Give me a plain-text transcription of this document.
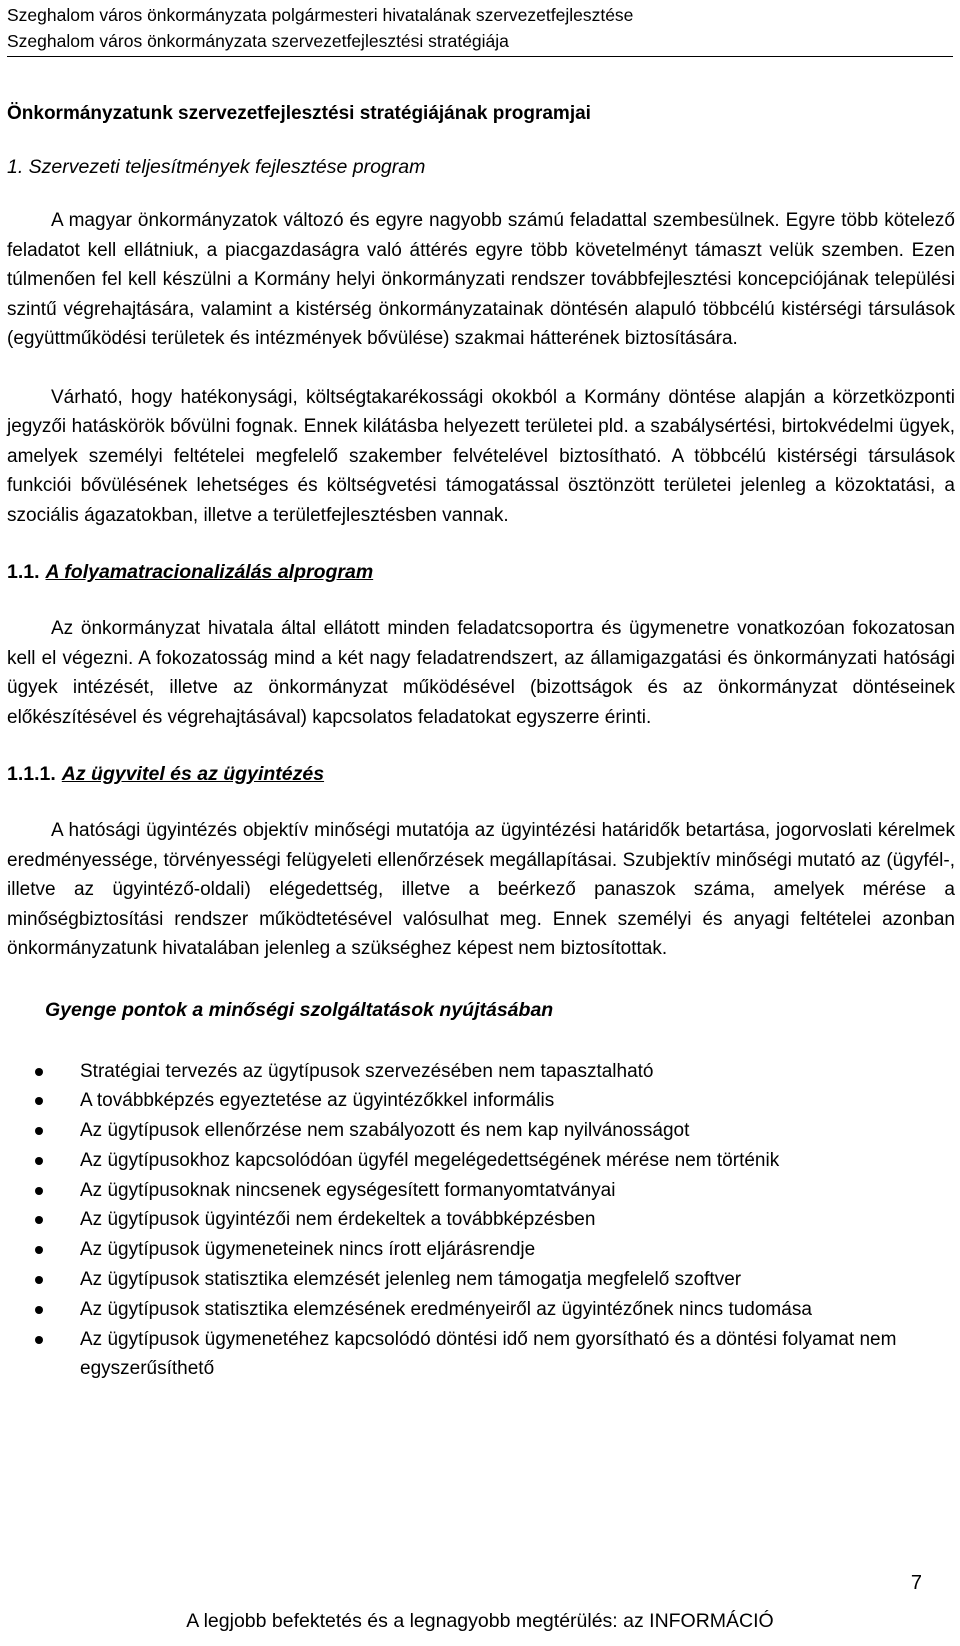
Szeghalom város önkormányzata polgármesteri hivatalának szervezetfejlesztése
Szeghalom város önkormányzata szervezetfejlesztési stratégiája
Önkormányzatunk szervezetfejlesztési stratégiájának programjai
1. Szervezeti teljesítmények fejlesztése program

A magyar önkormányzatok változó és egyre nagyobb számú feladattal szembesülnek. Egyre több kötelező feladatot kell ellátniuk, a piacgazdaságra való áttérés egyre több követelményt támaszt velük szemben. Ezen túlmenően fel kell készülni a Kormány helyi önkormányzati rendszer továbbfejlesztési koncepciójának települési szintű végrehajtására, valamint a kistérség önkormányzatainak döntésén alapuló többcélú kistérségi társulások (együttműködési területek és intézmények bővülése) szakmai hátterének biztosítására.

Várható, hogy hatékonysági, költségtakarékossági okokból a Kormány döntése alapján a körzetközponti jegyzői hatáskörök bővülni fognak. Ennek kilátásba helyezett területei pld. a szabálysértési, birtokvédelmi ügyek, amelyek személyi feltételei megfelelő szakember felvételével biztosítható. A többcélú kistérségi társulások funkciói bővülésének lehetséges és költségvetési támogatással ösztönzött területei jelenleg a közoktatási, a szociális ágazatokban, illetve a területfejlesztésben vannak.

1.1. A folyamatracionalizálás alprogram

Az önkormányzat hivatala által ellátott minden feladatcsoportra és ügymenetre vonatkozóan fokozatosan kell el végezni. A fokozatosság mind a két nagy feladatrendszert, az államigazgatási és önkormányzati hatósági ügyek intézését, illetve az önkormányzat működésével (bizottságok és az önkormányzat döntéseinek előkészítésével és végrehajtásával) kapcsolatos feladatokat egyszerre érinti.

1.1.1. Az ügyvitel és az ügyintézés

A hatósági ügyintézés objektív minőségi mutatója az ügyintézési határidők betartása, jogorvoslati kérelmek eredményessége, törvényességi felügyeleti ellenőrzések megállapításai. Szubjektív minőségi mutató az (ügyfél-, illetve az ügyintéző-oldali) elégedettség, illetve a beérkező panaszok száma, amelyek mérése a minőségbiztosítási rendszer működtetésével valósulhat meg. Ennek személyi és anyagi feltételei azonban önkormányzatunk hivatalában jelenleg a szükséghez képest nem biztosítottak.

Gyenge pontok a minőségi szolgáltatások nyújtásában
Stratégiai tervezés az ügytípusok szervezésében nem tapasztalható
A továbbképzés egyeztetése az ügyintézőkkel informális
Az ügytípusok ellenőrzése nem szabályozott és nem kap nyilvánosságot
Az ügytípusokhoz kapcsolódóan ügyfél megelégedettségének mérése nem történik
Az ügytípusoknak nincsenek egységesített formanyomtatványai
Az ügytípusok ügyintézői nem érdekeltek a továbbképzésben
Az ügytípusok ügymeneteinek nincs írott eljárásrendje
Az ügytípusok statisztika elemzését jelenleg nem támogatja megfelelő szoftver
Az ügytípusok statisztika elemzésének eredményeiről az ügyintézőnek nincs tudomása
Az ügytípusok ügymenetéhez kapcsolódó döntési idő nem gyorsítható és a döntési folyamat nem egyszerűsíthető
7
A legjobb befektetés és a legnagyobb megtérülés: az INFORMÁCIÓ
